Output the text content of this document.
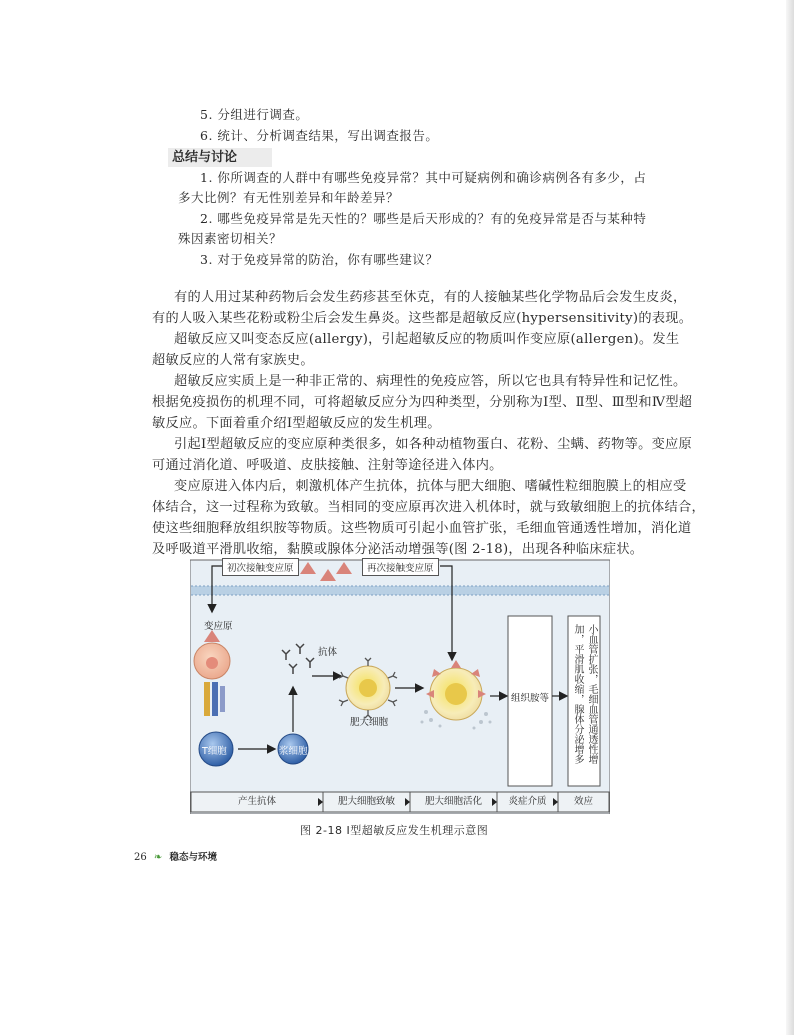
5. 分组进行调查。
6. 统计、分析调查结果，写出调查报告。
总结与讨论
1. 你所调查的人群中有哪些免疫异常？其中可疑病例和确诊病例各有多少，占
多大比例？有无性别差异和年龄差异？
2. 哪些免疫异常是先天性的？哪些是后天形成的？有的免疫异常是否与某种特
殊因素密切相关？
3. 对于免疫异常的防治，你有哪些建议？
有的人用过某种药物后会发生药疹甚至休克，有的人接触某些化学物品后会发生皮炎，
有的人吸入某些花粉或粉尘后会发生鼻炎。这些都是超敏反应(hypersensitivity)的表现。
超敏反应又叫变态反应(allergy)，引起超敏反应的物质叫作变应原(allergen)。发生
超敏反应的人常有家族史。
超敏反应实质上是一种非正常的、病理性的免疫应答，所以它也具有特异性和记忆性。
根据免疫损伤的机理不同，可将超敏反应分为四种类型，分别称为Ⅰ型、Ⅱ型、Ⅲ型和Ⅳ型超
敏反应。下面着重介绍Ⅰ型超敏反应的发生机理。
引起Ⅰ型超敏反应的变应原种类很多，如各种动植物蛋白、花粉、尘螨、药物等。变应原
可通过消化道、呼吸道、皮肤接触、注射等途径进入体内。
变应原进入体内后，刺激机体产生抗体，抗体与肥大细胞、嗜碱性粒细胞膜上的相应受
体结合，这一过程称为致敏。当相同的变应原再次进入机体时，就与致敏细胞上的抗体结合，
使这些细胞释放组织胺等物质。这些物质可引起小血管扩张，毛细血管通透性增加，消化道
及呼吸道平滑肌收缩，黏膜或腺体分泌活动增强等(图 2-18)，出现各种临床症状。
初次接触变应原	再次接触变应原
变应原
抗体
T细胞	浆细胞
肥大细胞
组织胺等	小血管扩张，毛细血管通透性增
加，平滑肌收缩，腺体分泌增多
产生抗体	肥大细胞致敏	肥大细胞活化	炎症介质	效应
图 2-18 Ⅰ型超敏反应发生机理示意图
26 ❧ 稳态与环境
